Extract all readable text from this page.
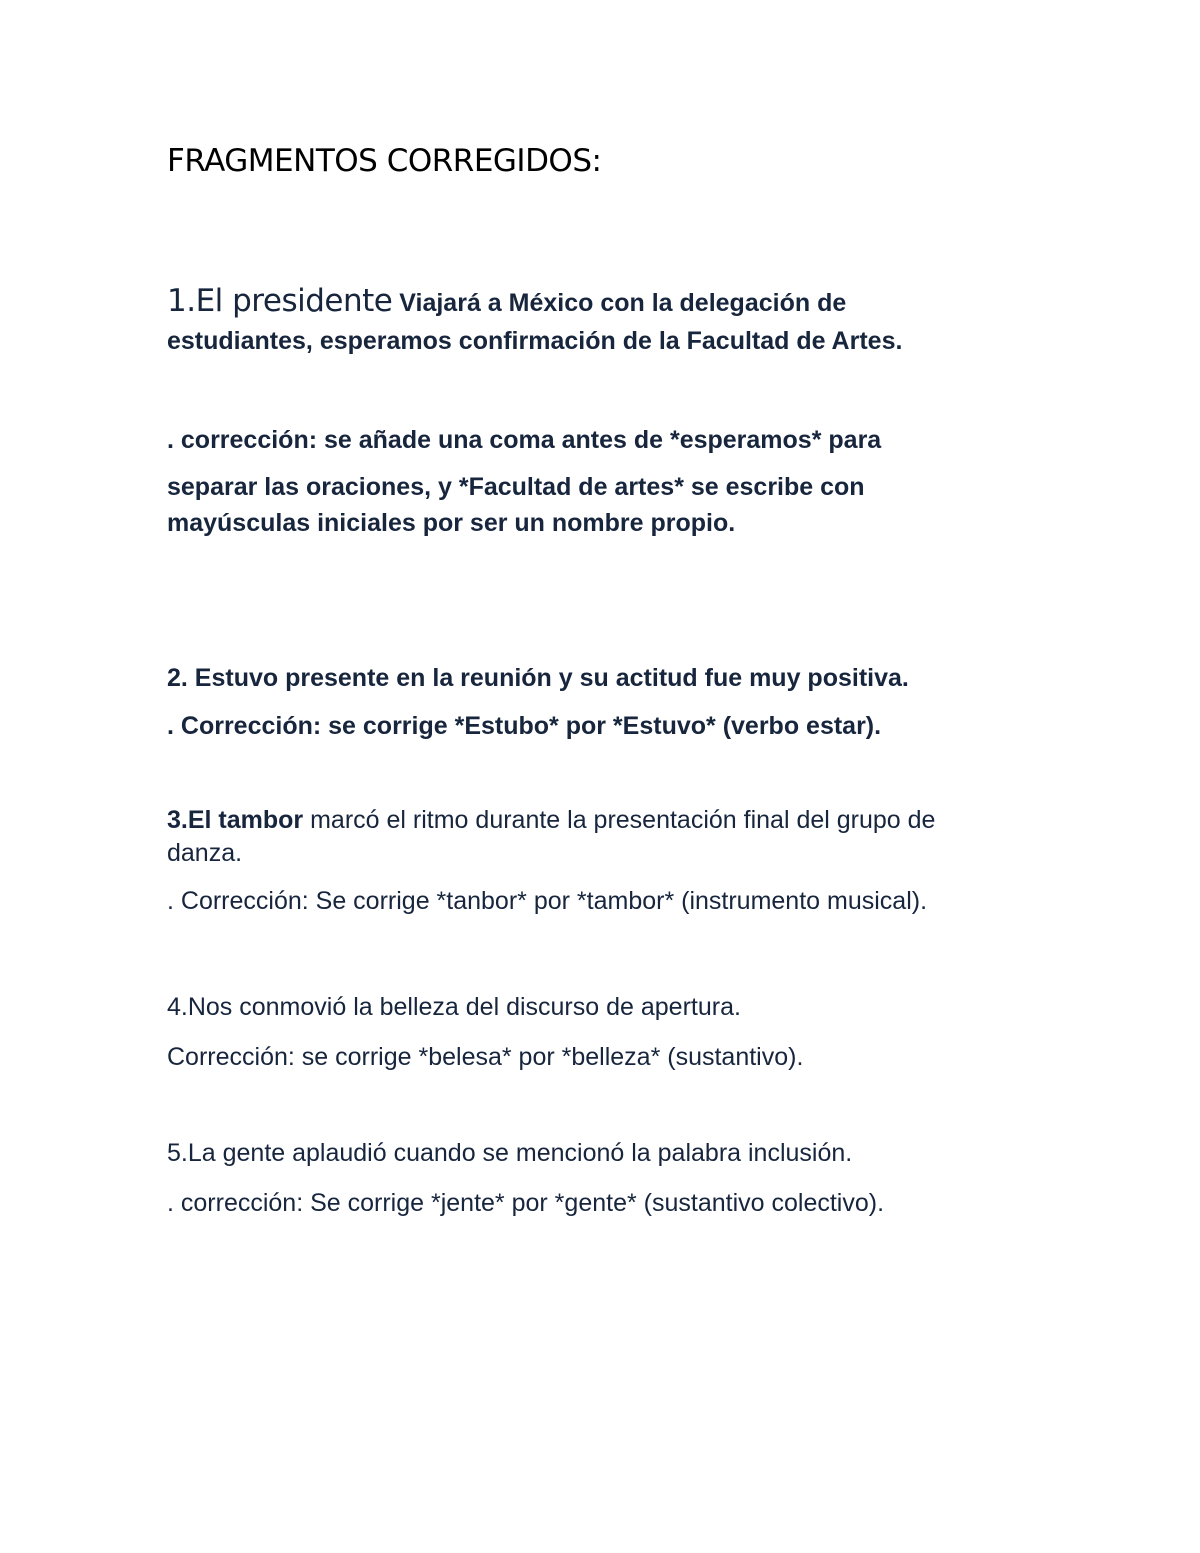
FRAGMENTOS CORREGIDOS:
1.El presidente Viajará a México con la delegación de
estudiantes, esperamos confirmación de la Facultad de Artes.
. corrección: se añade una coma antes de *esperamos* para
separar las oraciones, y *Facultad de artes* se escribe con
mayúsculas iniciales por ser un nombre propio.
2. Estuvo presente en la reunión y su actitud fue muy positiva.
. Corrección: se corrige *Estubo* por *Estuvo* (verbo estar).
3.El tambor marcó el ritmo durante la presentación final del grupo de
danza.
. Corrección: Se corrige *tanbor* por *tambor* (instrumento musical).
4.Nos conmovió la belleza del discurso de apertura.
Corrección: se corrige *belesa* por *belleza* (sustantivo).
5.La gente aplaudió cuando se mencionó la palabra inclusión.
. corrección: Se corrige *jente* por *gente* (sustantivo colectivo).
